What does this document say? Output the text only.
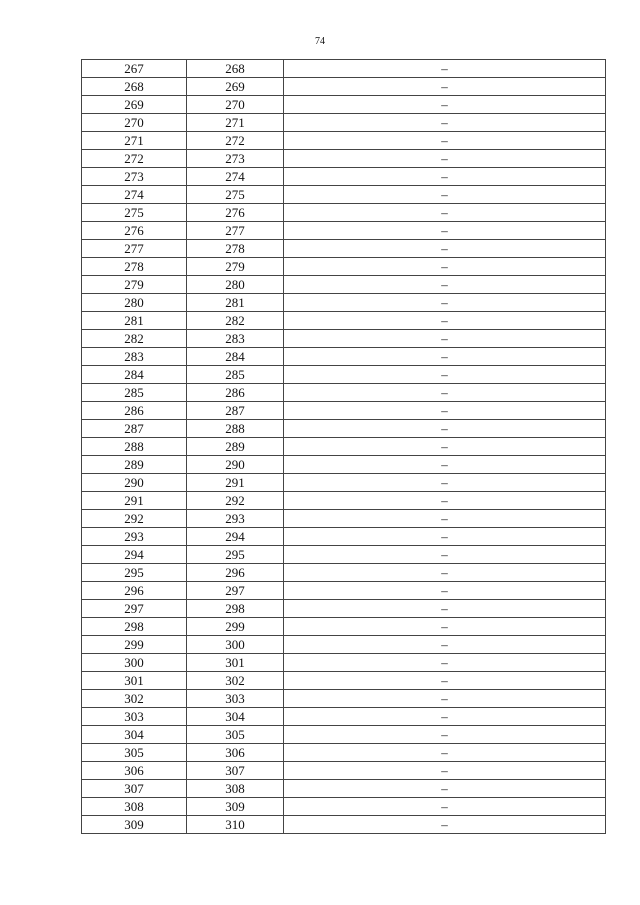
74
267	268	–
268	269	–
269	270	–
270	271	–
271	272	–
272	273	–
273	274	–
274	275	–
275	276	–
276	277	–
277	278	–
278	279	–
279	280	–
280	281	–
281	282	–
282	283	–
283	284	–
284	285	–
285	286	–
286	287	–
287	288	–
288	289	–
289	290	–
290	291	–
291	292	–
292	293	–
293	294	–
294	295	–
295	296	–
296	297	–
297	298	–
298	299	–
299	300	–
300	301	–
301	302	–
302	303	–
303	304	–
304	305	–
305	306	–
306	307	–
307	308	–
308	309	–
309	310	–
